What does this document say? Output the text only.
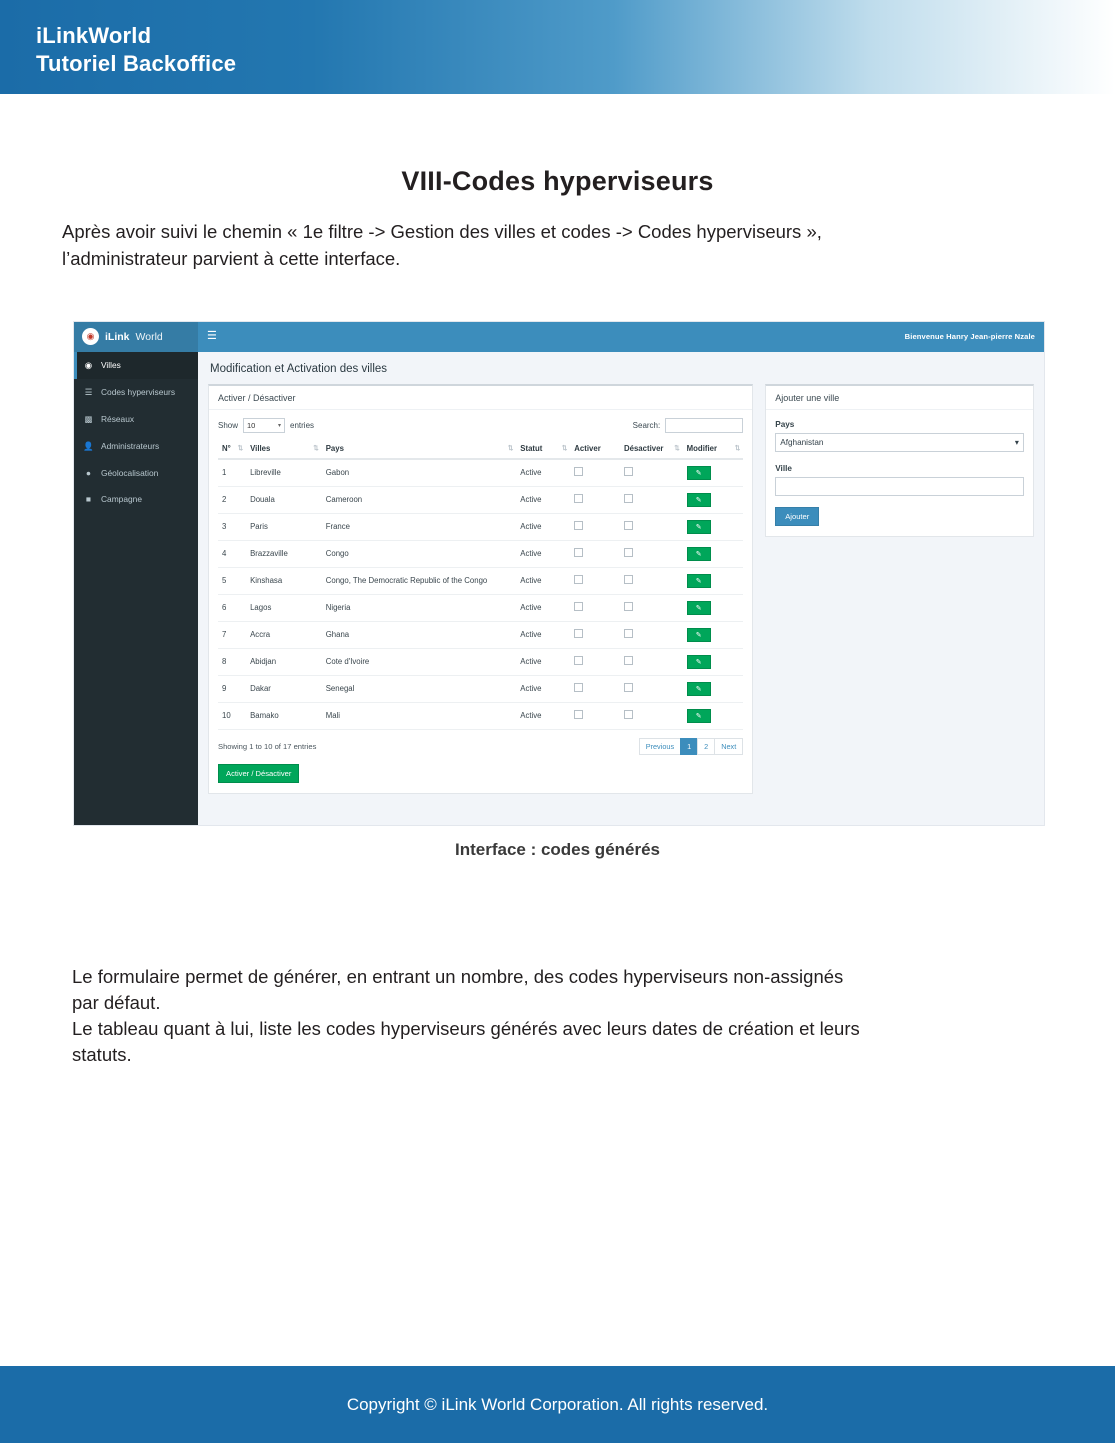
iLinkWorld
Tutoriel Backoffice
VIII-Codes hyperviseurs

Après avoir suivi le chemin « 1e filtre -> Gestion des villes et codes -> Codes hyperviseurs »,
l’administrateur parvient à cette interface.

◉	iLink World
◉ Villes
☰ Codes hyperviseurs
▩ Réseaux
👤 Administrateurs
●	Géolocalisation
■	Campagne
☰	Bienvenue Hanry Jean-pierre Nzale
Modification et Activation des villes
Activer / Désactiver
Show 10	▾ entries	Search:
N° ⇅	Villes ⇅	Pays ⇅	Statut ⇅	Activer	Désactiver ⇅	Modifier ⇅

1	Libreville	Gabon	Active			✎
2	Douala	Cameroon	Active			✎
3	Paris	France	Active			✎
4	Brazzaville	Congo	Active			✎
5	Kinshasa	Congo, The Democratic Republic of the Congo	Active			✎
6	Lagos	Nigeria	Active			✎
7	Accra	Ghana	Active			✎
8	Abidjan	Cote d'Ivoire	Active			✎
9	Dakar	Senegal	Active			✎
10	Bamako	Mali	Active			✎
Showing 1 to 10 of 17 entries	Previous	1	2	Next
Activer / Désactiver
Ajouter une ville
Pays
Afghanistan	▾
Ville
Ajouter
Interface : codes générés

Le formulaire permet de générer, en entrant un nombre, des codes hyperviseurs non-assignés
par défaut.
Le tableau quant à lui, liste les codes hyperviseurs générés avec leurs dates de création et leurs
statuts.

Copyright © iLink World Corporation. All rights reserved.
